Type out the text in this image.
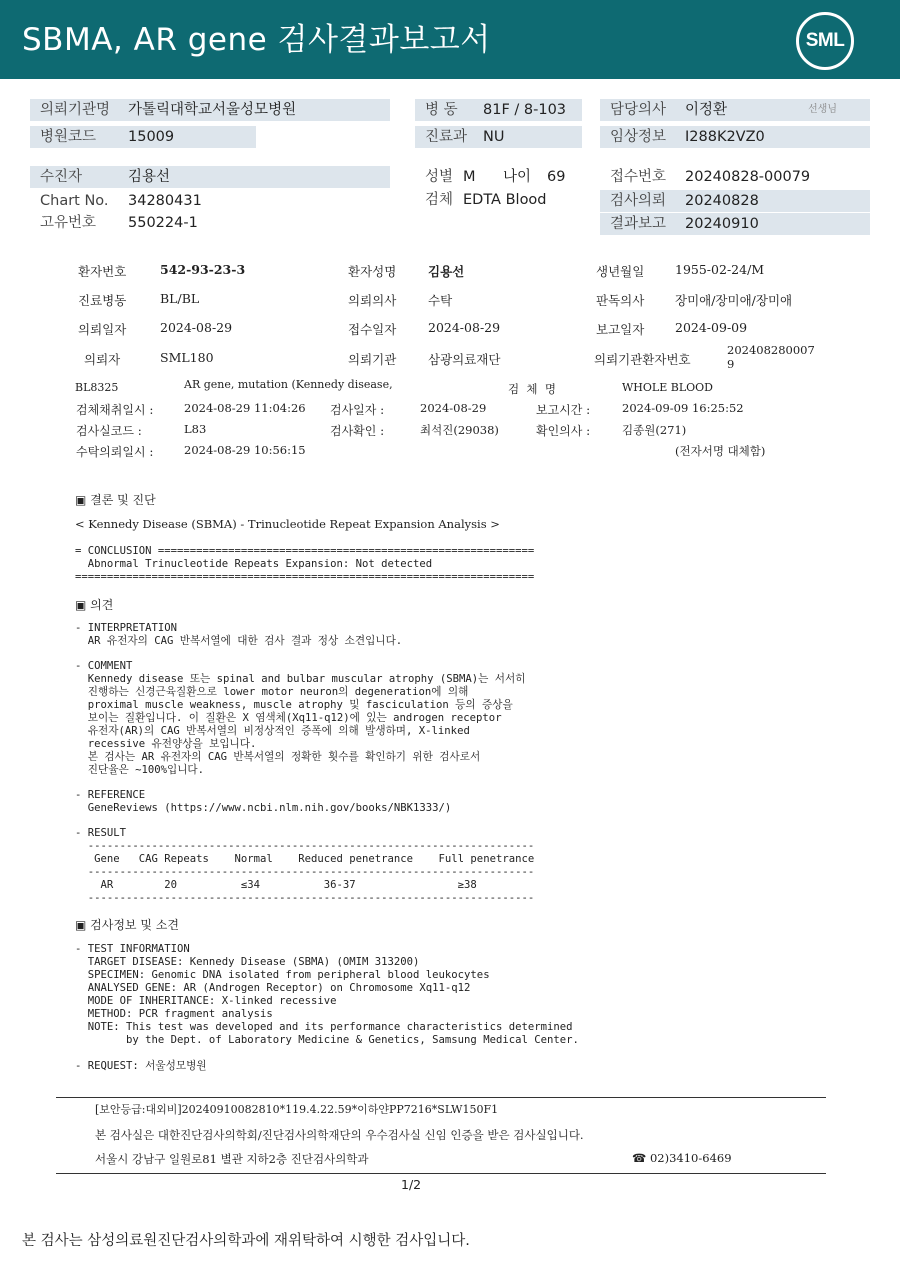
SBMA, AR gene 검사결과보고서	SML
의뢰기관명 가톨릭대학교서울성모병원	병 동 81F / 8-103	담당의사 이정환	선생님
병원코드 15009	진료과 NU	임상정보 I288K2VZ0
수진자	김용선	성별 M 나이 69	접수번호 20240828-00079
Chart No. 34280431	검체 EDTA Blood	검사의뢰 20240828
고유번호 550224-1	결과보고 20240910
환자번호	542-93-23-3	환자성명	김용선	생년월일 1955-02-24/M
진료병동	BL/BL	의뢰의사	수탁	판독의사 장미애/장미애/장미애
의뢰일자	2024-08-29	접수일자	2024-08-29	보고일자 2024-09-09
의뢰자	SML180	의뢰기관	삼광의료재단	의뢰기관환자번호
202408280007
9
BL8325	AR gene, mutation (Kennedy disease,	검  체  명	WHOLE BLOOD
검체채취일시 :	2024-08-29 11:04:26 검사일자 :	2024-08-29	보고시간 :	2024-09-09 16:25:52
검사실코드 :	L83	검사확인 :	최석진(29038)	확인의사 :	김종원(271)
수탁의뢰일시 :	2024-08-29 10:56:15	(전자서명 대체함)
▣ 결론 및 진단
< Kennedy Disease (SBMA) - Trinucleotide Repeat Expansion Analysis >
= CONCLUSION ===========================================================
Abnormal Trinucleotide Repeats Expansion: Not detected
========================================================================
▣ 의견
- INTERPRETATION
AR 유전자의 CAG 반복서열에 대한 검사 결과 정상 소견입니다.
- COMMENT
Kennedy disease 또는 spinal and bulbar muscular atrophy (SBMA)는 서서히
진행하는 신경근육질환으로 lower motor neuron의 degeneration에 의해
proximal muscle weakness, muscle atrophy 및 fasciculation 등의 증상을
보이는 질환입니다. 이 질환은 X 염색체(Xq11-q12)에 있는 androgen receptor
유전자(AR)의 CAG 반복서열의 비정상적인 증폭에 의해 발생하며, X-linked
recessive 유전양상을 보입니다.
본 검사는 AR 유전자의 CAG 반복서열의 정확한 횟수를 확인하기 위한 검사로서
진단율은 ~100%입니다.
- REFERENCE
GeneReviews (https://www.ncbi.nlm.nih.gov/books/NBK1333/)
- RESULT
----------------------------------------------------------------------
Gene   CAG Repeats    Normal    Reduced penetrance    Full penetrance
----------------------------------------------------------------------
AR        20          ≤34          36-37                ≥38
----------------------------------------------------------------------
▣ 검사정보 및 소견
- TEST INFORMATION
TARGET DISEASE: Kennedy Disease (SBMA) (OMIM 313200)
SPECIMEN: Genomic DNA isolated from peripheral blood leukocytes
ANALYSED GENE: AR (Androgen Receptor) on Chromosome Xq11-q12
MODE OF INHERITANCE: X-linked recessive
METHOD: PCR fragment analysis
NOTE: This test was developed and its performance characteristics determined
by the Dept. of Laboratory Medicine & Genetics, Samsung Medical Center.
- REQUEST: 서울성모병원
[보안등급:대외비]20240910082810*119.4.22.59*이하얀PP7216*SLW150F1
본 검사실은 대한진단검사의학회/진단검사의학재단의 우수검사실 신임 인증을 받은 검사실입니다.
서울시 강남구 일원로81 별관 지하2층 진단검사의학과	☎ 02)3410-6469
1/2
본 검사는 삼성의료원진단검사의학과에 재위탁하여 시행한 검사입니다.
